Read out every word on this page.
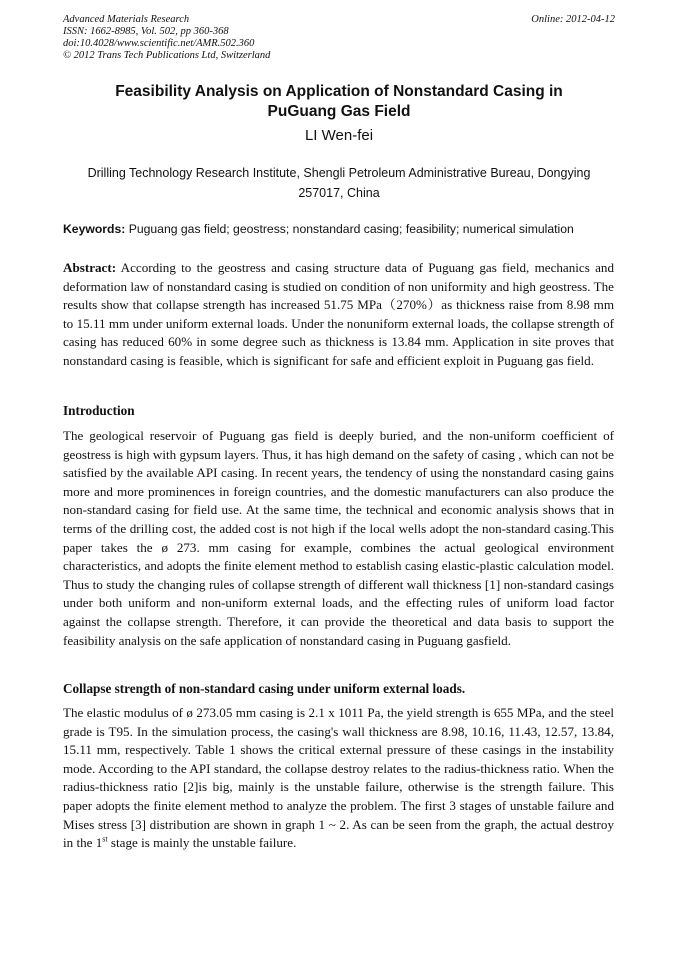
Advanced Materials Research
ISSN: 1662-8985, Vol. 502, pp 360-368
doi:10.4028/www.scientific.net/AMR.502.360
© 2012 Trans Tech Publications Ltd, Switzerland
Online: 2012-04-12
Feasibility Analysis on Application of Nonstandard Casing in PuGuang Gas Field
LI Wen-fei
Drilling Technology Research Institute, Shengli Petroleum Administrative Bureau, Dongying 257017, China
Keywords: Puguang gas field; geostress; nonstandard casing; feasibility; numerical simulation

Abstract: According to the geostress and casing structure data of Puguang gas field, mechanics and deformation law of nonstandard casing is studied on condition of non uniformity and high geostress. The results show that collapse strength has increased 51.75 MPa（270%）as thickness raise from 8.98 mm to 15.11 mm under uniform external loads. Under the nonuniform external loads, the collapse strength of casing has reduced 60% in some degree such as thickness is 13.84 mm. Application in site proves that nonstandard casing is feasible, which is significant for safe and efficient exploit in Puguang gas field.

Introduction

The geological reservoir of Puguang gas field is deeply buried, and the non-uniform coefficient of geostress is high with gypsum layers. Thus, it has high demand on the safety of casing , which can not be satisfied by the available API casing. In recent years, the tendency of using the nonstandard casing gains more and more prominences in foreign countries, and the domestic manufacturers can also produce the non-standard casing for field use. At the same time, the technical and economic analysis shows that in terms of the drilling cost, the added cost is not high if the local wells adopt the non-standard casing.This paper takes the ø 273. mm casing for example, combines the actual geological environment characteristics, and adopts the finite element method to establish casing elastic-plastic calculation model. Thus to study the changing rules of collapse strength of different wall thickness [1] non-standard casings under both uniform and non-uniform external loads, and the effecting rules of uniform load factor against the collapse strength. Therefore, it can provide the theoretical and data basis to support the feasibility analysis on the safe application of nonstandard casing in Puguang gasfield.

Collapse strength of non-standard casing under uniform external loads.

The elastic modulus of ø 273.05 mm casing is 2.1 x 1011 Pa, the yield strength is 655 MPa, and the steel grade is T95. In the simulation process, the casing's wall thickness are 8.98, 10.16, 11.43, 12.57, 13.84, 15.11 mm, respectively. Table 1 shows the critical external pressure of these casings in the instability mode. According to the API standard, the collapse destroy relates to the radius-thickness ratio. When the radius-thickness ratio [2]is big, mainly is the unstable failure, otherwise is the strength failure. This paper adopts the finite element method to analyze the problem. The first 3 stages of unstable failure and Mises stress [3] distribution are shown in graph 1 ~ 2. As can be seen from the graph, the actual destroy in the 1st stage is mainly the unstable failure.
